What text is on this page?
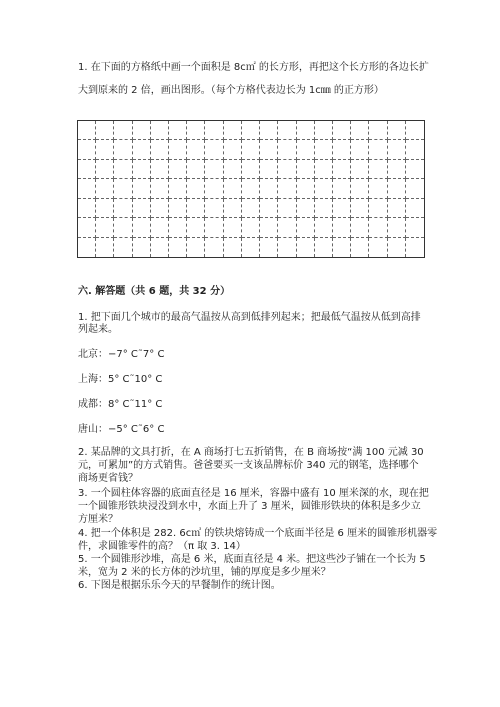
1. 在下面的方格纸中画一个面积是 8c㎡ 的长方形，再把这个长方形的各边长扩
大到原来的 2 倍，画出图形。（每个方格代表边长为 1c㎜ 的正方形）
六. 解答题（共 6 题，共 32 分）
1. 把下面几个城市的最高气温按从高到低排列起来；把最低气温按从低到高排
列起来。
北京：−7° C˜7° C
上海：5° C˜10° C
成都：8° C˜11° C
唐山：−5° C˜6° C
2. 某品牌的文具打折，在 A 商场打七五折销售，在 B 商场按“满 100 元减 30
元，可累加”的方式销售。爸爸要买一支该品牌标价 340 元的钢笔，选择哪个
商场更省钱？
3. 一个圆柱体容器的底面直径是 16 厘米，容器中盛有 10 厘米深的水，现在把
一个圆锥形铁块浸没到水中，水面上升了 3 厘米，圆锥形铁块的体积是多少立
方厘米？
4. 把一个体积是 282. 6c㎥ 的铁块熔铸成一个底面半径是 6 厘米的圆锥形机器零
件，求圆锥零件的高？（π 取 3. 14）
5. 一个圆锥形沙堆，高是 6 米，底面直径是 4 米。把这些沙子铺在一个长为 5
米，宽为 2 米的长方体的沙坑里，铺的厚度是多少厘米？
6. 下图是根据乐乐今天的早餐制作的统计图。
